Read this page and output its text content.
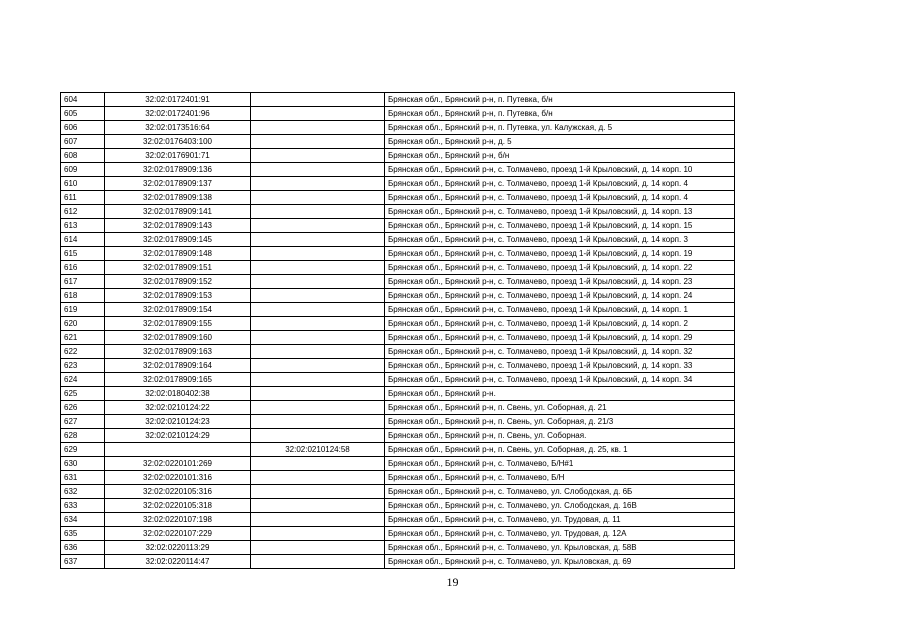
604	32:02:0172401:91		Брянская обл., Брянский р-н, п. Путевка, б/н
605	32:02:0172401:96		Брянская обл., Брянский р-н, п. Путевка, б/н
606	32:02:0173516:64		Брянская обл., Брянский р-н, п. Путевка, ул. Калужская, д. 5
607	32:02:0176403:100		Брянская обл., Брянский р-н, д. 5
608	32:02:0176901:71		Брянская обл., Брянский р-н, б/н
609	32:02:0178909:136		Брянская обл., Брянский р-н, с. Толмачево, проезд 1-й Крыловский, д. 14 корп. 10
610	32:02:0178909:137		Брянская обл., Брянский р-н, с. Толмачево, проезд 1-й Крыловский, д. 14 корп. 4
611	32:02:0178909:138		Брянская обл., Брянский р-н, с. Толмачево, проезд 1-й Крыловский, д. 14 корп. 4
612	32:02:0178909:141		Брянская обл., Брянский р-н, с. Толмачево, проезд 1-й Крыловский, д. 14 корп. 13
613	32:02:0178909:143		Брянская обл., Брянский р-н, с. Толмачево, проезд 1-й Крыловский, д. 14 корп. 15
614	32:02:0178909:145		Брянская обл., Брянский р-н, с. Толмачево, проезд 1-й Крыловский, д. 14 корп. 3
615	32:02:0178909:148		Брянская обл., Брянский р-н, с. Толмачево, проезд 1-й Крыловский, д. 14 корп. 19
616	32:02:0178909:151		Брянская обл., Брянский р-н, с. Толмачево, проезд 1-й Крыловский, д. 14 корп. 22
617	32:02:0178909:152		Брянская обл., Брянский р-н, с. Толмачево, проезд 1-й Крыловский, д. 14 корп. 23
618	32:02:0178909:153		Брянская обл., Брянский р-н, с. Толмачево, проезд 1-й Крыловский, д. 14 корп. 24
619	32:02:0178909:154		Брянская обл., Брянский р-н, с. Толмачево, проезд 1-й Крыловский, д. 14 корп. 1
620	32:02:0178909:155		Брянская обл., Брянский р-н, с. Толмачево, проезд 1-й Крыловский, д. 14 корп. 2
621	32:02:0178909:160		Брянская обл., Брянский р-н, с. Толмачево, проезд 1-й Крыловский, д. 14 корп. 29
622	32:02:0178909:163		Брянская обл., Брянский р-н, с. Толмачево, проезд 1-й Крыловский, д. 14 корп. 32
623	32:02:0178909:164		Брянская обл., Брянский р-н, с. Толмачево, проезд 1-й Крыловский, д. 14 корп. 33
624	32:02:0178909:165		Брянская обл., Брянский р-н, с. Толмачево, проезд 1-й Крыловский, д. 14 корп. 34
625	32:02:0180402:38		Брянская обл., Брянский р-н.
626	32:02:0210124:22		Брянская обл., Брянский р-н, п. Свень, ул. Соборная, д. 21
627	32:02:0210124:23		Брянская обл., Брянский р-н, п. Свень, ул. Соборная, д. 21/3
628	32:02:0210124:29		Брянская обл., Брянский р-н, п. Свень, ул. Соборная.
629		32:02:0210124:58	Брянская обл., Брянский р-н, п. Свень, ул. Соборная, д. 25, кв. 1
630	32:02:0220101:269		Брянская обл., Брянский р-н, с. Толмачево, Б/Н#1
631	32:02:0220101:316		Брянская обл., Брянский р-н, с. Толмачево, Б/Н
632	32:02:0220105:316		Брянская обл., Брянский р-н, с. Толмачево, ул. Слободская, д. 6Б
633	32:02:0220105:318		Брянская обл., Брянский р-н, с. Толмачево, ул. Слободская, д. 16В
634	32:02:0220107:198		Брянская обл., Брянский р-н, с. Толмачево, ул. Трудовая, д. 11
635	32:02:0220107:229		Брянская обл., Брянский р-н, с. Толмачево, ул. Трудовая, д. 12А
636	32:02:0220113:29		Брянская обл., Брянский р-н, с. Толмачево, ул. Крыловская, д. 58В
637	32:02:0220114:47		Брянская обл., Брянский р-н, с. Толмачево, ул. Крыловская, д. 69
19
